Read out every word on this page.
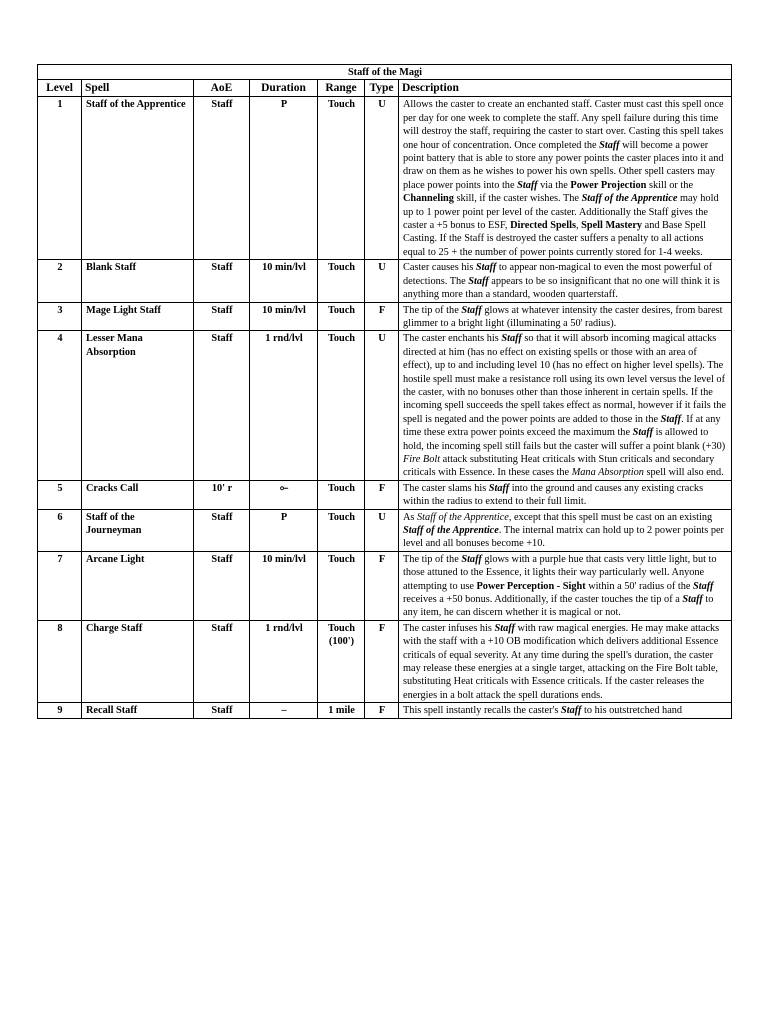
Staff of the Magi						
Level	Spell	AoE	Duration	Range	Type	Description
1	Staff of the Apprentice	Staff	P	Touch	U	Allows the caster to create an enchanted staff. Caster must cast this spell once per day for one week to complete the staff. Any spell failure during this time will destroy the staff, requiring the caster to start over. Casting this spell takes one hour of concentration. Once completed the Staff will become a power point battery that is able to store any power points the caster places into it and draw on them as he wishes to power his own spells. Other spell casters may place power points into the Staff via the Power Projection skill or the Channeling skill, if the caster wishes. The Staff of the Apprentice may hold up to 1 power point per level of the caster. Additionally the Staff gives the caster a +5 bonus to ESF, Directed Spells, Spell Mastery and Base Spell Casting. If the Staff is destroyed the caster suffers a penalty to all actions equal to 25 + the number of power points currently stored for 1-4 weeks.
2	Blank Staff	Staff	10 min/lvl	Touch	U	Caster causes his Staff to appear non-magical to even the most powerful of detections. The Staff appears to be so insignificant that no one will think it is anything more than a standard, wooden quarterstaff.
3	Mage Light Staff	Staff	10 min/lvl	Touch	F	The tip of the Staff glows at whatever intensity the caster desires, from barest glimmer to a bright light (illuminating a 50' radius).
4	Lesser Mana Absorption	Staff	1 rnd/lvl	Touch	U	The caster enchants his Staff so that it will absorb incoming magical attacks directed at him (has no effect on existing spells or those with an area of effect), up to and including level 10 (has no effect on higher level spells). The hostile spell must make a resistance roll using its own level versus the level of the caster, with no bonuses other than those inherent in certain spells. If the incoming spell succeeds the spell takes effect as normal, however if it fails the spell is negated and the power points are added to those in the Staff. If at any time these extra power points exceed the maximum the Staff is allowed to hold, the incoming spell still fails but the caster will suffer a point blank (+30) Fire Bolt attack substituting Heat criticals with Stun criticals and secondary criticals with Essence. In these cases the Mana Absorption spell will also end.
5	Cracks Call	10' r	⟜	Touch	F	The caster slams his Staff into the ground and causes any existing cracks within the radius to extend to their full limit.
6	Staff of the Journeyman	Staff	P	Touch	U	As Staff of the Apprentice, except that this spell must be cast on an existing Staff of the Apprentice. The internal matrix can hold up to 2 power points per level and all bonuses become +10.
7	Arcane Light	Staff	10 min/lvl	Touch	F	The tip of the Staff glows with a purple hue that casts very little light, but to those attuned to the Essence, it lights their way particularly well. Anyone attempting to use Power Perception - Sight within a 50' radius of the Staff receives a +50 bonus. Additionally, if the caster touches the tip of a Staff to any item, he can discern whether it is magical or not.
8	Charge Staff	Staff	1 rnd/lvl	Touch (100')	F	The caster infuses his Staff with raw magical energies. He may make attacks with the staff with a +10 OB modification which delivers additional Essence criticals of equal severity. At any time during the spell's duration, the caster may release these energies at a single target, attacking on the Fire Bolt table, substituting Heat criticals with Essence criticals. If the caster releases the energies in a bolt attack the spell durations ends.
9	Recall Staff	Staff	–	1 mile	F	This spell instantly recalls the caster's Staff to his outstretched hand
